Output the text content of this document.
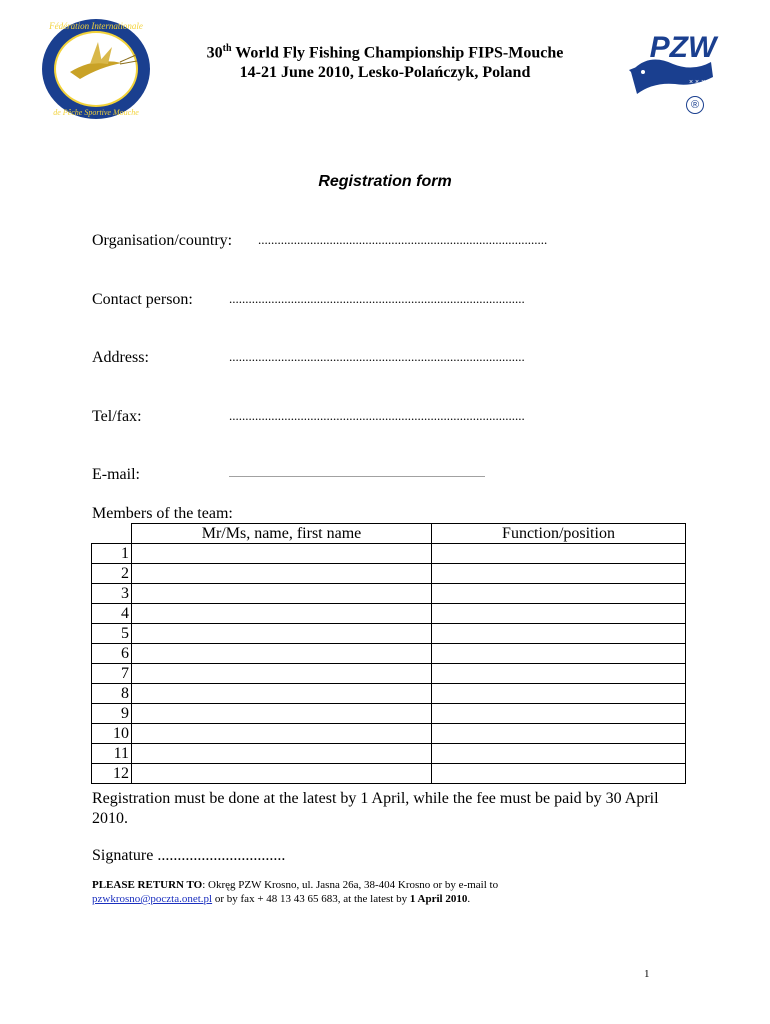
Fédération Internationale
de Pêche Sportive Mouche
PZW
× × × × × ×
®
30th World Fly Fishing Championship FIPS-Mouche
14-21 June 2010, Lesko-Polańczyk, Poland
Registration form
Organisation/country: .........................................................................................
Contact person:	...........................................................................................
Address:	...........................................................................................
Tel/fax:	...........................................................................................
E-mail:	................................................................................................................................
Members of the team:
	Mr/Ms, name, first name	Function/position
1		
2		
3		
4		
5		
6		
7		
8		
9		
10		
11		
12		
Registration must be done at the latest by 1 April, while the fee must be paid by 30 April 2010.
Signature ................................
PLEASE RETURN TO: Okręg PZW Krosno, ul. Jasna 26a, 38-404 Krosno or by e-mail to
pzwkrosno@poczta.onet.pl or by fax + 48 13 43 65 683, at the latest by 1 April 2010.
1
